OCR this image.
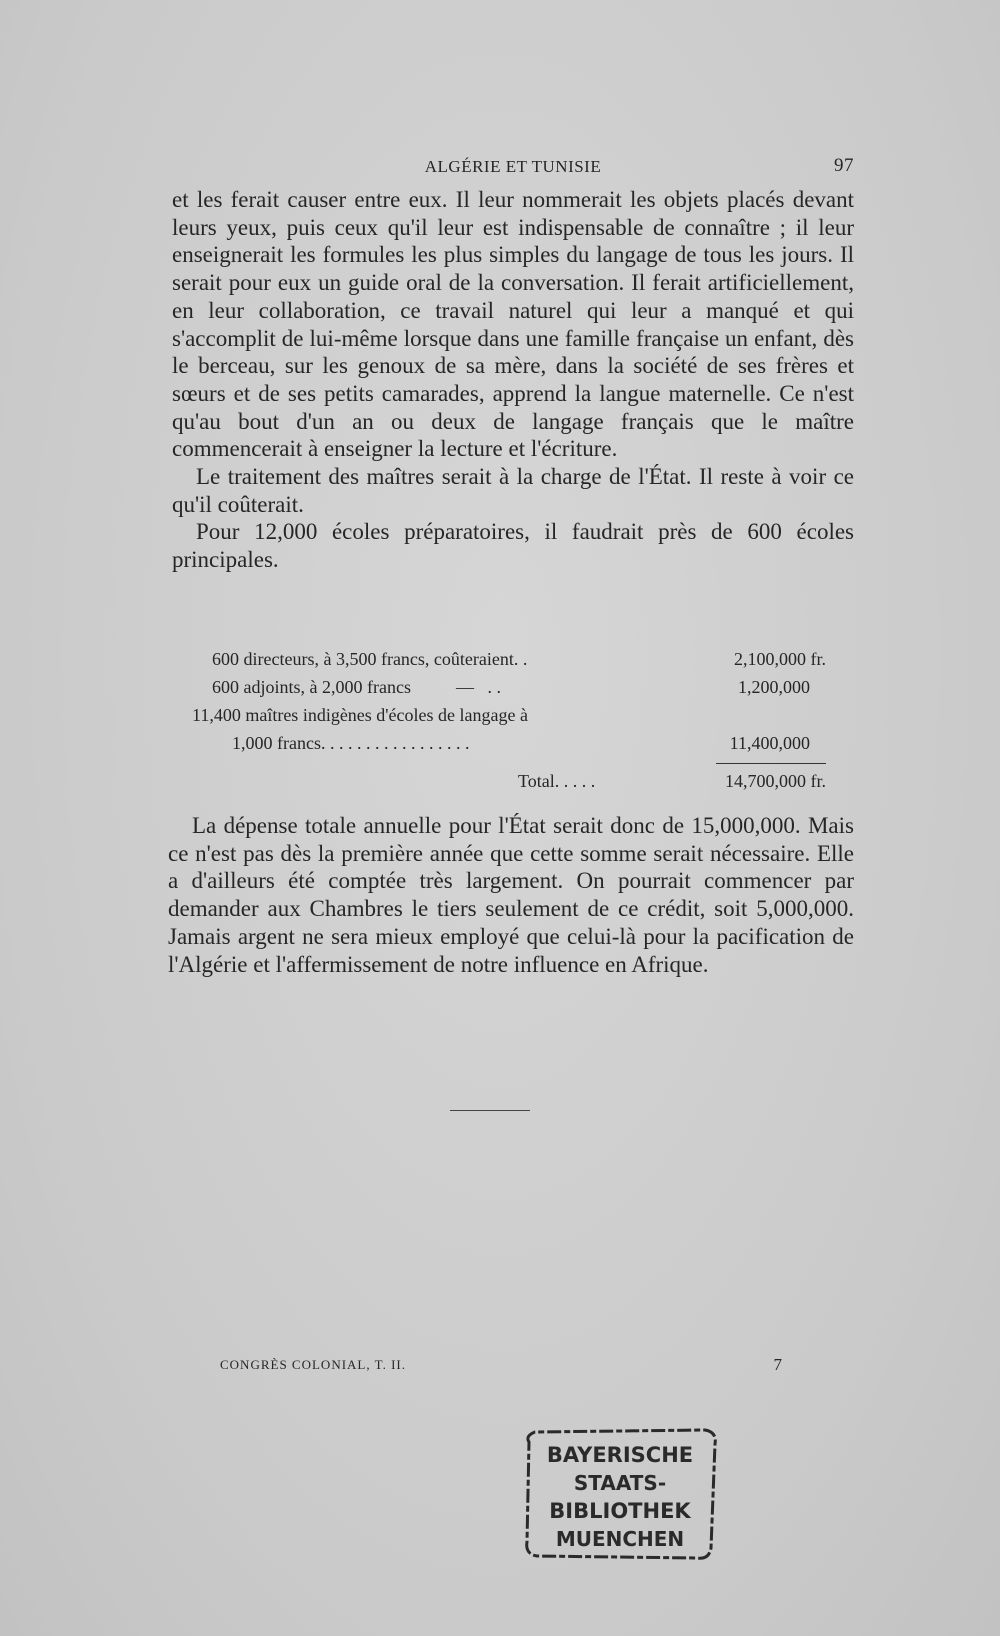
ALGÉRIE ET TUNISIE	97

et les ferait causer entre eux. Il leur nommerait les objets placés devant leurs yeux, puis ceux qu'il leur est indispensable de connaître ; il leur enseignerait les formules les plus simples du langage de tous les jours. Il serait pour eux un guide oral de la conversation. Il ferait artificiellement, en leur collaboration, ce travail naturel qui leur a manqué et qui s'accomplit de lui-même lorsque dans une famille française un enfant, dès le berceau, sur les genoux de sa mère, dans la société de ses frères et sœurs et de ses petits camarades, apprend la langue maternelle. Ce n'est qu'au bout d'un an ou deux de langage français que le maître commencerait à enseigner la lecture et l'écriture.

Le traitement des maîtres serait à la charge de l'État. Il reste à voir ce qu'il coûterait.

Pour 12,000 écoles préparatoires, il faudrait près de 600 écoles principales.

600 directeurs, à 3,500 francs, coûteraient. .	2,100,000 fr.
600 adjoints, à 2,000 francs          —   . .	1,200,000
11,400 maîtres indigènes d'écoles de langage à
1,000 francs. . . . . . . . . . . . . . . . .	11,400,000
Total. . . . .	14,700,000 fr.

La dépense totale annuelle pour l'État serait donc de 15,000,000. Mais ce n'est pas dès la première année que cette somme serait nécessaire. Elle a d'ailleurs été comptée très largement. On pourrait commencer par demander aux Chambres le tiers seulement de ce crédit, soit 5,000,000. Jamais argent ne sera mieux employé que celui-là pour la pacification de l'Algérie et l'affermissement de notre influence en Afrique.

CONGRÈS COLONIAL, T. II.	7
BAYERISCHE
STAATS-
BIBLIOTHEK
MUENCHEN
